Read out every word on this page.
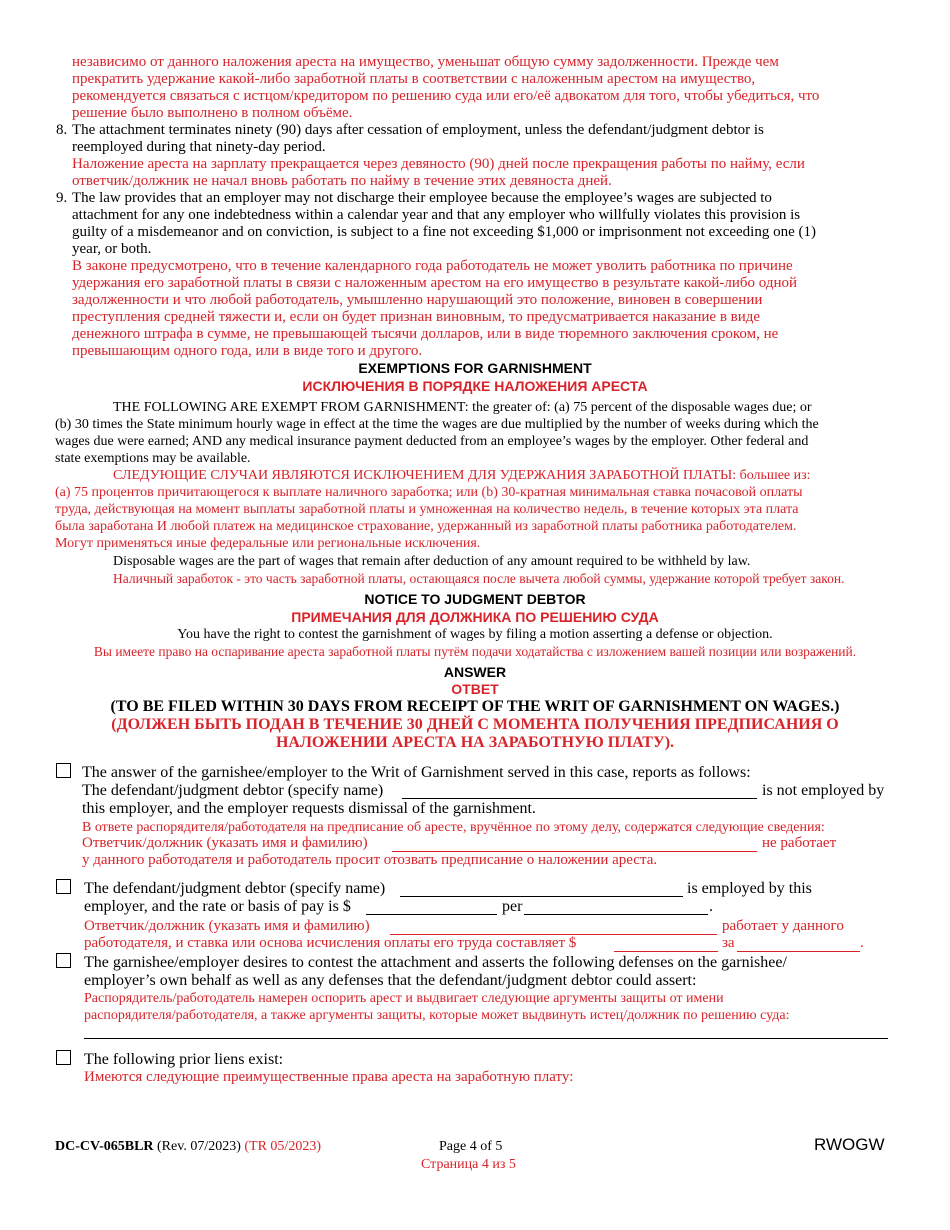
независимо от данного наложения ареста на имущество, уменьшат общую сумму задолженности. Прежде чем
прекратить удержание какой-либо заработной платы в соответствии с наложенным арестом на имущество,
рекомендуется связаться с истцом/кредитором по решению суда или его/её адвокатом для того, чтобы убедиться, что
решение было выполнено в полном объёме.
8. The attachment terminates ninety (90) days after cessation of employment, unless the defendant/judgment debtor is
reemployed during that ninety-day period.
Наложение ареста на зарплату прекращается через девяносто (90) дней после прекращения работы по найму, если
ответчик/должник не начал вновь работать по найму в течение этих девяноста дней.
9. The law provides that an employer may not discharge their employee because the employee’s wages are subjected to
attachment for any one indebtedness within a calendar year and that any employer who willfully violates this provision is
guilty of a misdemeanor and on conviction, is subject to a fine not exceeding $1,000 or imprisonment not exceeding one (1)
year, or both.
В законе предусмотрено, что в течение календарного года работодатель не может уволить работника по причине
удержания его заработной платы в связи с наложенным арестом на его имущество в результате какой-либо одной
задолженности и что любой работодатель, умышленно нарушающий это положение, виновен в совершении
преступления средней тяжести и, если он будет признан виновным, то предусматривается наказание в виде
денежного штрафа в сумме, не превышающей тысячи долларов, или в виде тюремного заключения сроком, не
превышающим одного года, или в виде того и другого.
EXEMPTIONS FOR GARNISHMENT
ИСКЛЮЧЕНИЯ В ПОРЯДКЕ НАЛОЖЕНИЯ АРЕСТА
THE FOLLOWING ARE EXEMPT FROM GARNISHMENT: the greater of: (a) 75 percent of the disposable wages due; or
(b) 30 times the State minimum hourly wage in effect at the time the wages are due multiplied by the number of weeks during which the
wages due were earned; AND any medical insurance payment deducted from an employee’s wages by the employer. Other federal and
state exemptions may be available.
СЛЕДУЮЩИЕ СЛУЧАИ ЯВЛЯЮТСЯ ИСКЛЮЧЕНИЕМ ДЛЯ УДЕРЖАНИЯ ЗАРАБОТНОЙ ПЛАТЫ: большее из:
(a) 75 процентов причитающегося к выплате наличного заработка; или (b) 30-кратная минимальная ставка почасовой оплаты
труда, действующая на момент выплаты заработной платы и умноженная на количество недель, в течение которых эта плата
была заработана И любой платеж на медицинское страхование, удержанный из заработной платы работника работодателем.
Могут применяться иные федеральные или региональные исключения.
Disposable wages are the part of wages that remain after deduction of any amount required to be withheld by law.
Наличный заработок - это часть заработной платы, остающаяся после вычета любой суммы, удержание которой требует закон.
NOTICE TO JUDGMENT DEBTOR
ПРИМЕЧАНИЯ ДЛЯ ДОЛЖНИКА ПО РЕШЕНИЮ СУДА
You have the right to contest the garnishment of wages by filing a motion asserting a defense or objection.
Вы имеете право на оспаривание ареста заработной платы путём подачи ходатайства с изложением вашей позиции или возражений.
ANSWER
ОТВЕТ
(TO BE FILED WITHIN 30 DAYS FROM RECEIPT OF THE WRIT OF GARNISHMENT ON WAGES.)
(ДОЛЖЕН БЫТЬ ПОДАН В ТЕЧЕНИЕ 30 ДНЕЙ С МОМЕНТА ПОЛУЧЕНИЯ ПРЕДПИСАНИЯ О
НАЛОЖЕНИИ АРЕСТА НА ЗАРАБОТНУЮ ПЛАТУ).
The answer of the garnishee/employer to the Writ of Garnishment served in this case, reports as follows:
The defendant/judgment debtor (specify name)	is not employed by
this employer, and the employer requests dismissal of the garnishment.
В ответе распорядителя/работодателя на предписание об аресте, вручённое по этому делу, содержатся следующие сведения:
Ответчик/должник (указать имя и фамилию)	не работает
у данного работодателя и работодатель просит отозвать предписание о наложении ареста.
The defendant/judgment debtor (specify name)	is employed by this
employer, and the rate or basis of pay is $	per	.
Ответчик/должник (указать имя и фамилию)	работает у данного
работодателя, и ставка или основа исчисления оплаты его труда составляет $	за	.
The garnishee/employer desires to contest the attachment and asserts the following defenses on the garnishee/
employer’s own behalf as well as any defenses that the defendant/judgment debtor could assert:
Распорядитель/работодатель намерен оспорить арест и выдвигает следующие аргументы защиты от имени
распорядителя/работодателя, а также аргументы защиты, которые может выдвинуть истец/должник по решению суда:
The following prior liens exist:
Имеются следующие преимущественные права ареста на заработную плату:
DC-CV-065BLR (Rev. 07/2023) (TR 05/2023)	Page 4 of 5
Страница 4 из 5
RWOGW
